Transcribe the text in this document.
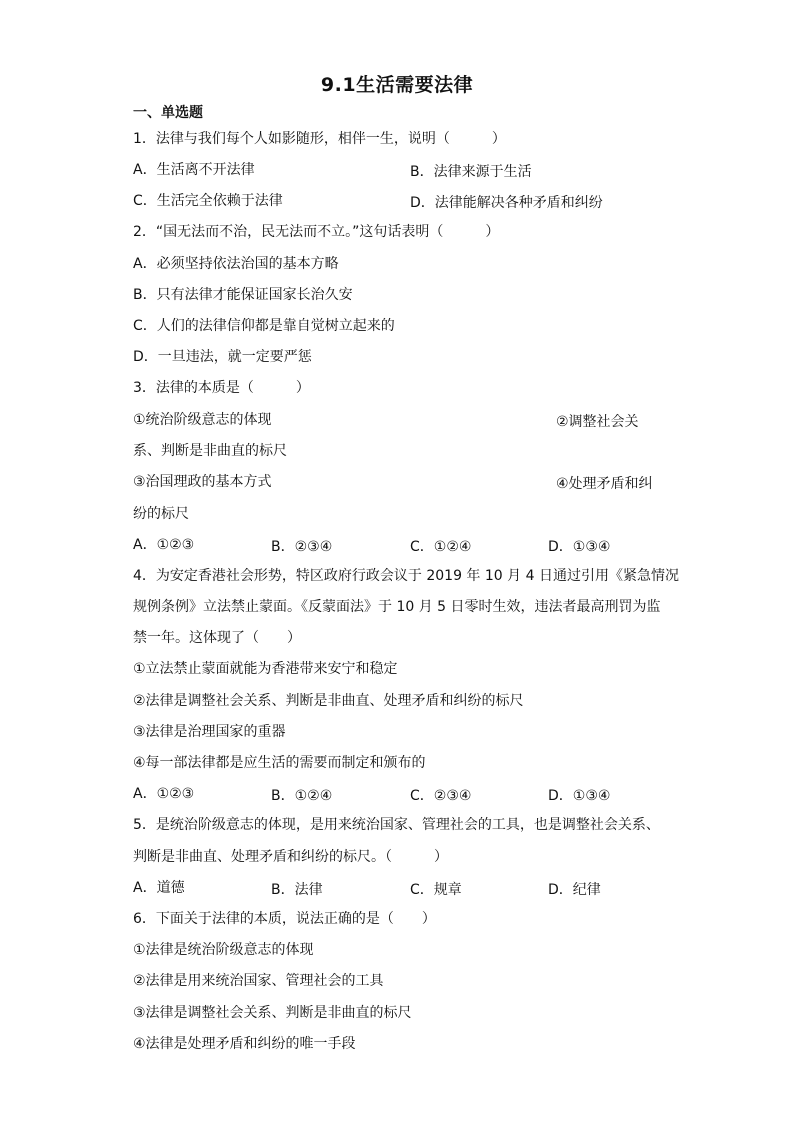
9.1生活需要法律
一、单选题
1．法律与我们每个人如影随形，相伴一生，说明（　　　）
A．生活离不开法律	B．法律来源于生活
C．生活完全依赖于法律	D．法律能解决各种矛盾和纠纷
2．“国无法而不治，民无法而不立。”这句话表明（　　　）
A．必须坚持依法治国的基本方略
B．只有法律才能保证国家长治久安
C．人们的法律信仰都是靠自觉树立起来的
D．一旦违法，就一定要严惩
3．法律的本质是（　　　）
①统治阶级意志的体现	②调整社会关
系、判断是非曲直的标尺
③治国理政的基本方式	④处理矛盾和纠
纷的标尺
A．①②③	B．②③④	C．①②④	D．①③④
4．为安定香港社会形势，特区政府行政会议于 2019 年 10 月 4 日通过引用《紧急情况
规例条例》立法禁止蒙面。《反蒙面法》于 10 月 5 日零时生效，违法者最高刑罚为监
禁一年。这体现了（　　）
①立法禁止蒙面就能为香港带来安宁和稳定
②法律是调整社会关系、判断是非曲直、处理矛盾和纠纷的标尺
③法律是治理国家的重器
④每一部法律都是应生活的需要而制定和颁布的
A．①②③	B．①②④	C．②③④	D．①③④
5．是统治阶级意志的体现，是用来统治国家、管理社会的工具，也是调整社会关系、
判断是非曲直、处理矛盾和纠纷的标尺。（　　　）
A．道德	B．法律	C．规章	D．纪律
6．下面关于法律的本质，说法正确的是（　　）
①法律是统治阶级意志的体现
②法律是用来统治国家、管理社会的工具
③法律是调整社会关系、判断是非曲直的标尺
④法律是处理矛盾和纠纷的唯一手段
